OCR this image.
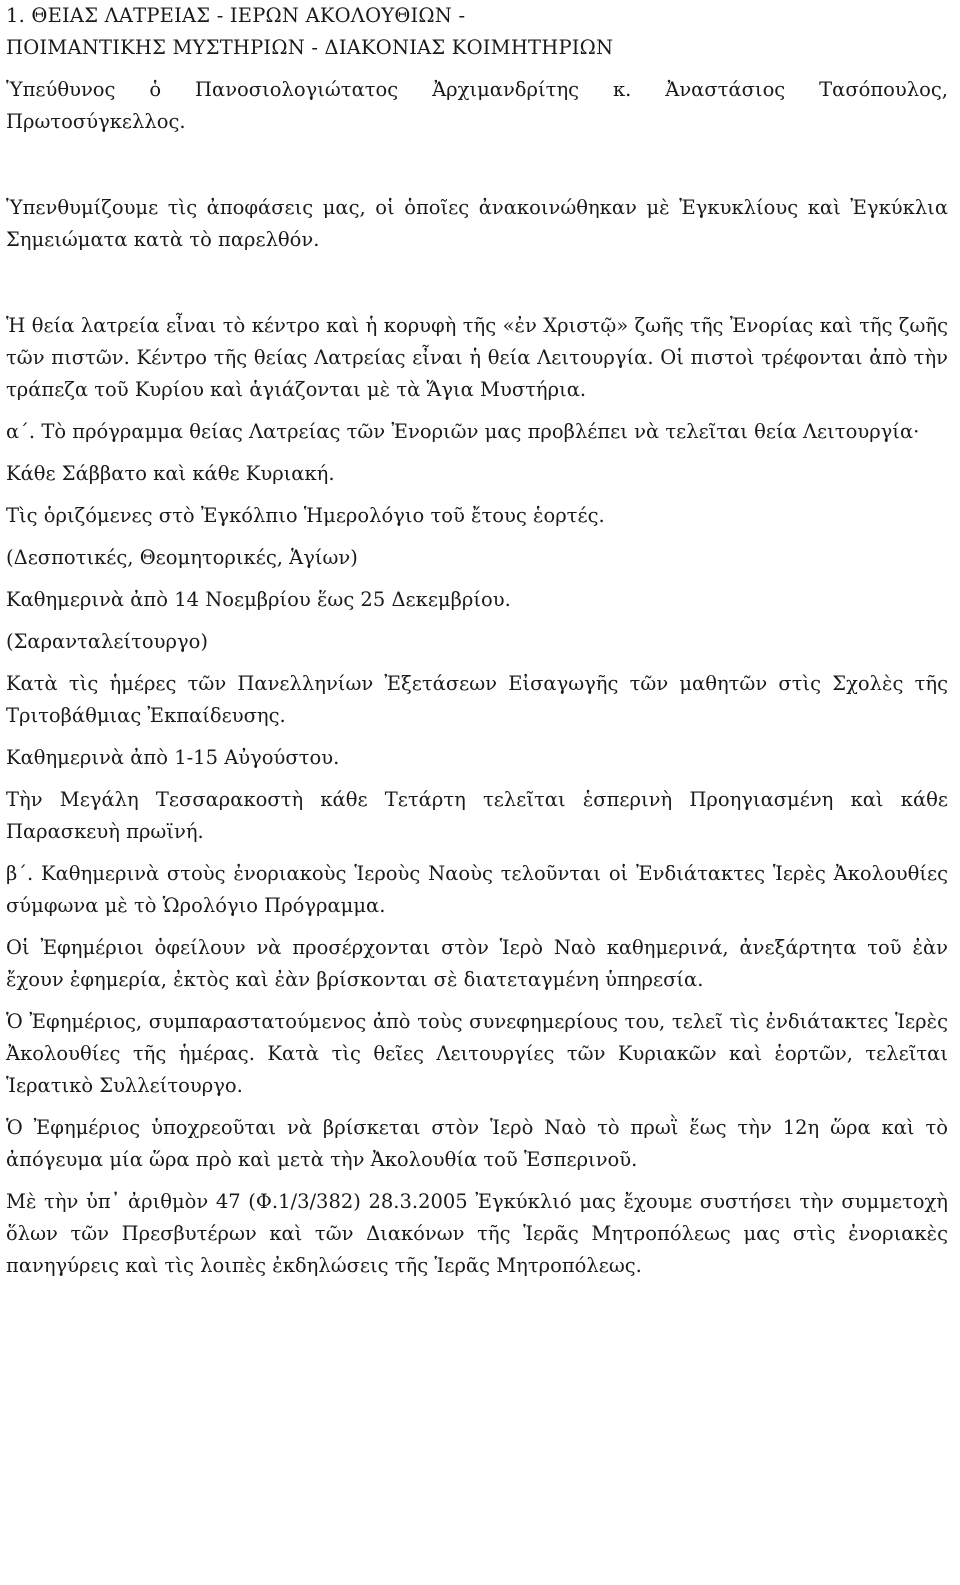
1. ΘΕΙΑΣ ΛΑΤΡΕΙΑΣ - ΙΕΡΩΝ ΑΚΟΛΟΥΘΙΩΝ -
ΠΟΙΜΑΝΤΙΚΗΣ ΜΥΣΤΗΡΙΩΝ - ΔΙΑΚΟΝΙΑΣ ΚΟΙΜΗΤΗΡΙΩΝ

Ὑπεύθυνος ὁ Πανοσιολογιώτατος Ἀρχιμανδρίτης κ. Ἀναστάσιος Τασόπουλος, Πρωτοσύγκελλος.

Ὑπενθυμίζουμε τὶς ἀποφάσεις μας, οἱ ὁποῖες ἀνακοινώθηκαν μὲ Ἐγκυκλίους καὶ Ἐγκύκλια Σημειώματα κατὰ τὸ παρελθόν.

Ἡ θεία λατρεία εἶναι τὸ κέντρο καὶ ἡ κορυφὴ τῆς «ἐν Χριστῷ» ζωῆς τῆς Ἐνορίας καὶ τῆς ζωῆς τῶν πιστῶν. Κέντρο τῆς θείας Λατρείας εἶναι ἡ θεία Λειτουργία. Οἱ πιστοὶ τρέφονται ἀπὸ τὴν τράπεζα τοῦ Κυρίου καὶ ἁγιάζονται μὲ τὰ Ἅγια Μυστήρια.

α΄. Τὸ πρόγραμμα θείας Λατρείας τῶν Ἐνοριῶν μας προβλέπει νὰ τελεῖται θεία Λειτουργία·

Κάθε Σάββατο καὶ κάθε Κυριακή.

Τὶς ὁριζόμενες στὸ Ἐγκόλπιο Ἡμερολόγιο τοῦ ἔτους ἑορτές.

(Δεσποτικές, Θεομητορικές, Ἁγίων)

Καθημερινὰ ἀπὸ 14 Νοεμβρίου ἕως 25 Δεκεμβρίου.

(Σαρανταλείτουργο)

Κατὰ τὶς ἡμέρες τῶν Πανελληνίων Ἐξετάσεων Εἰσαγωγῆς τῶν μαθητῶν στὶς Σχολὲς τῆς Τριτοβάθμιας Ἐκπαίδευσης.

Καθημερινὰ ἀπὸ 1-15 Αὐγούστου.

Τὴν Μεγάλη Τεσσαρακοστὴ κάθε Τετάρτη τελεῖται ἑσπερινὴ Προηγιασμένη καὶ κάθε Παρασκευὴ πρωϊνή.

β΄. Καθημερινὰ στοὺς ἐνοριακοὺς Ἱεροὺς Ναοὺς τελοῦνται οἱ Ἐνδιάτακτες Ἱερὲς Ἀκολουθίες σύμφωνα μὲ τὸ Ὡρολόγιο Πρόγραμμα.

Οἱ Ἐφημέριοι ὀφείλουν νὰ προσέρχονται στὸν Ἱερὸ Ναὸ καθημερινά, ἀνεξάρτητα τοῦ ἐὰν ἔχουν ἐφημερία, ἐκτὸς καὶ ἐὰν βρίσκονται σὲ διατεταγμένη ὑπηρεσία.

Ὁ Ἐφημέριος, συμπαραστατούμενος ἀπὸ τοὺς συνεφημερίους του, τελεῖ τὶς ἐνδιάτακτες Ἱερὲς Ἀκολουθίες τῆς ἡμέρας. Κατὰ τὶς θεῖες Λειτουργίες τῶν Κυριακῶν καὶ ἑορτῶν, τελεῖται Ἱερατικὸ Συλλείτουργο.

Ὁ Ἐφημέριος ὑποχρεοῦται νὰ βρίσκεται στὸν Ἱερὸ Ναὸ τὸ πρωῒ ἕως τὴν 12η ὥρα καὶ τὸ ἀπόγευμα μία ὥρα πρὸ καὶ μετὰ τὴν Ἀκολουθία τοῦ Ἑσπερινοῦ.

Μὲ τὴν ὑπ᾽ ἀριθμὸν 47 (Φ.1/3/382) 28.3.2005 Ἐγκύκλιό μας ἔχουμε συστήσει τὴν συμμετοχὴ ὅλων τῶν Πρεσβυτέρων καὶ τῶν Διακόνων τῆς Ἱερᾶς Μητροπόλεως μας στὶς ἐνοριακὲς πανηγύρεις καὶ τὶς λοιπὲς ἐκδηλώσεις τῆς Ἱερᾶς Μητροπόλεως.
